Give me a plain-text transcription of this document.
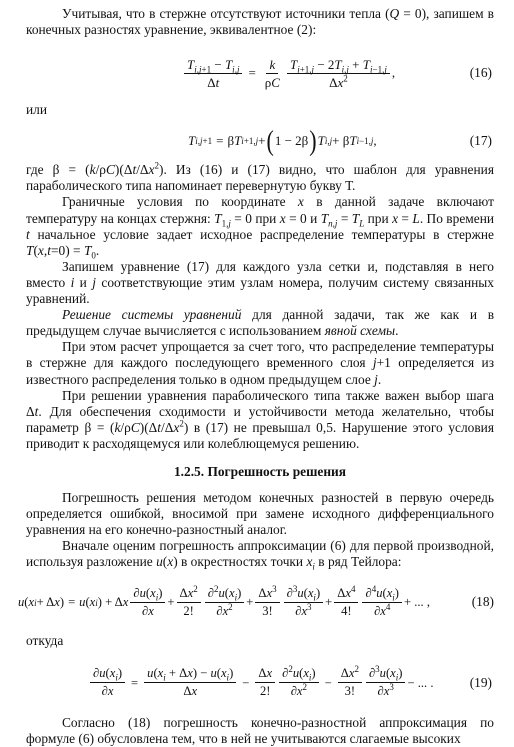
Учитывая, что в стержне отсутствуют источники тепла (Q = 0), запишем в конечных разностях уравнение, эквивалентное (2):

$\frac{T_{i,j+1} - T_{i,j}}{\Delta t} = \frac{k}{\rho C} \frac{T_{i+1,j} - 2T_{i,j} + T_{i-1,j}}{\Delta x^2}$ ,	(16)

или

T i,j+1 = β T i+1,j + ( 1 − 2β ) T i,j + β T i−1,j ,	(17)

где $\beta = (k/\rho C)(\Delta t/\Delta x^2)$. Из (16) и (17) видно, что шаблон для уравнения параболического типа напоминает перевернутую букву Т.

Граничные условия по координате x в данной задаче включают температуру на концах стержня: $T_{1,j} = 0$ при x = 0 и $T_{n,j} = T_L$ при x = L. По времени t начальное условие задает исходное распределение температуры в стержне $T(x,t=0) = T_0$.

Запишем уравнение (17) для каждого узла сетки и, подставляя в него вместо i и j соответствующие этим узлам номера, получим систему связанных уравнений.

Решение системы уравнений для данной задачи, так же как и в предыдущем случае вычисляется с использованием явной схемы.

При этом расчет упрощается за счет того, что распределение температуры в стержне для каждого последующего временного слоя j+1 определяется из известного распределения только в одном предыдущем слое j.

При решении уравнения параболического типа также важен выбор шага Δt. Для обеспечения сходимости и устойчивости метода желательно, чтобы параметр $\beta = (k/\rho C)(\Delta t/\Delta x^2)$ в (17) не превышал 0,5. Нарушение этого условия приводит к расходящемуся или колеблющемуся решению.

1.2.5. Погрешность решения

Погрешность решения методом конечных разностей в первую очередь определяется ошибкой, вносимой при замене исходного дифференциального уравнения на его конечно-разностный аналог.

Вначале оценим погрешность аппроксимации (6) для первой производной, используя разложение u(x) в окрестностях точки $x_i$ в ряд Тейлора:

u ( x i + Δ x ) = u ( x i ) + Δ x $\frac{\partial u(x_i)}{\partial x} + \frac{\Delta x^2}{2!} \frac{\partial^2u(x_i)}{\partial x^2} + \frac{\Delta x^3}{3!} \frac{\partial^3u(x_i)}{\partial x^3} + \frac{\Delta x^4}{4!} \frac{\partial^4u(x_i)}{\partial x^4}$ + ... ,	(18)

откуда

$\frac{\partial u(x_i)}{\partial x} = \frac{u(x_i + \Delta x) - u(x_i)}{\Delta x} - \frac{\Delta x}{2!} \frac{\partial^2u(x_i)}{\partial x^2} - \frac{\Delta x^2}{3!} \frac{\partial^3u(x_i)}{\partial x^3}$ − ... .	(19)

Согласно (18) погрешность конечно-разностной аппроксимация по формуле (6) обусловлена тем, что в ней не учитываются слагаемые высоких
